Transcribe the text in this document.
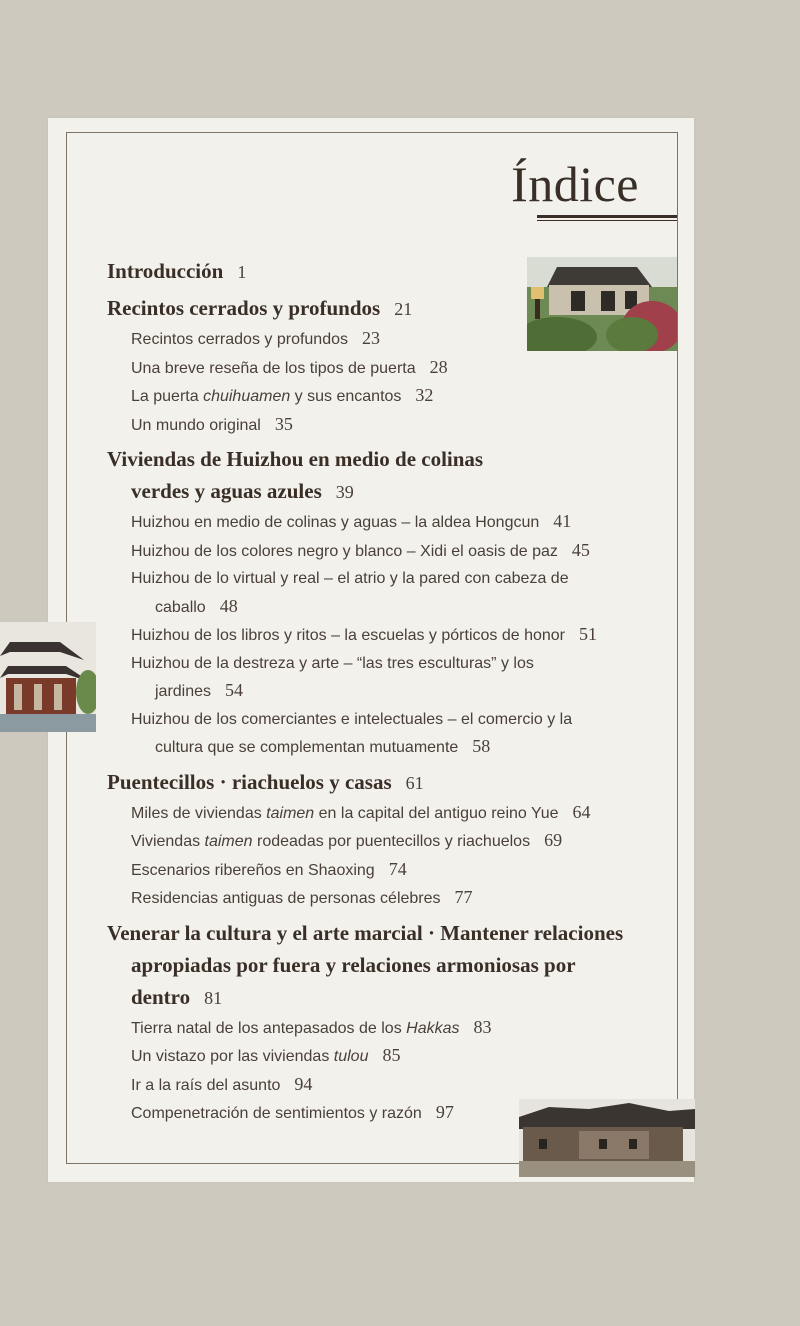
Índice
Introducción 1
Recintos cerrados y profundos 21
Recintos cerrados y profundos 23
Una breve reseña de los tipos de puerta 28
La puerta chuihuamen y sus encantos 32
Un mundo original 35
Viviendas de Huizhou en medio de colinas
verdes y aguas azules 39
Huizhou en medio de colinas y aguas – la aldea Hongcun 41
Huizhou de los colores negro y blanco – Xidi el oasis de paz 45
Huizhou de lo virtual y real – el atrio y la pared con cabeza de
caballo 48
Huizhou de los libros y ritos – la escuelas y pórticos de honor 51
Huizhou de la destreza y arte – “las tres esculturas” y los
jardines 54
Huizhou de los comerciantes e intelectuales – el comercio y la
cultura que se complementan mutuamente 58
Puentecillos · riachuelos y casas 61
Miles de viviendas taimen en la capital del antiguo reino Yue 64
Viviendas taimen rodeadas por puentecillos y riachuelos 69
Escenarios ribereños en Shaoxing 74
Residencias antiguas de personas célebres 77
Venerar la cultura y el arte marcial · Mantener relaciones
apropiadas por fuera y relaciones armoniosas por
dentro 81
Tierra natal de los antepasados de los Hakkas 83
Un vistazo por las viviendas tulou 85
Ir a la raís del asunto 94
Compenetración de sentimientos y razón 97
